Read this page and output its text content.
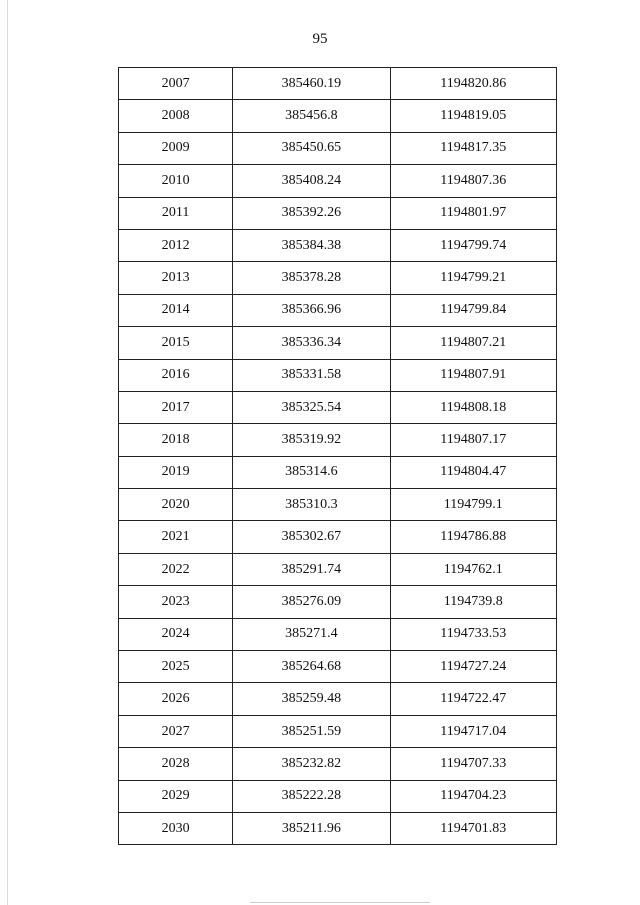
95
2007	385460.19	1194820.86
2008	385456.8	1194819.05
2009	385450.65	1194817.35
2010	385408.24	1194807.36
2011	385392.26	1194801.97
2012	385384.38	1194799.74
2013	385378.28	1194799.21
2014	385366.96	1194799.84
2015	385336.34	1194807.21
2016	385331.58	1194807.91
2017	385325.54	1194808.18
2018	385319.92	1194807.17
2019	385314.6	1194804.47
2020	385310.3	1194799.1
2021	385302.67	1194786.88
2022	385291.74	1194762.1
2023	385276.09	1194739.8
2024	385271.4	1194733.53
2025	385264.68	1194727.24
2026	385259.48	1194722.47
2027	385251.59	1194717.04
2028	385232.82	1194707.33
2029	385222.28	1194704.23
2030	385211.96	1194701.83
